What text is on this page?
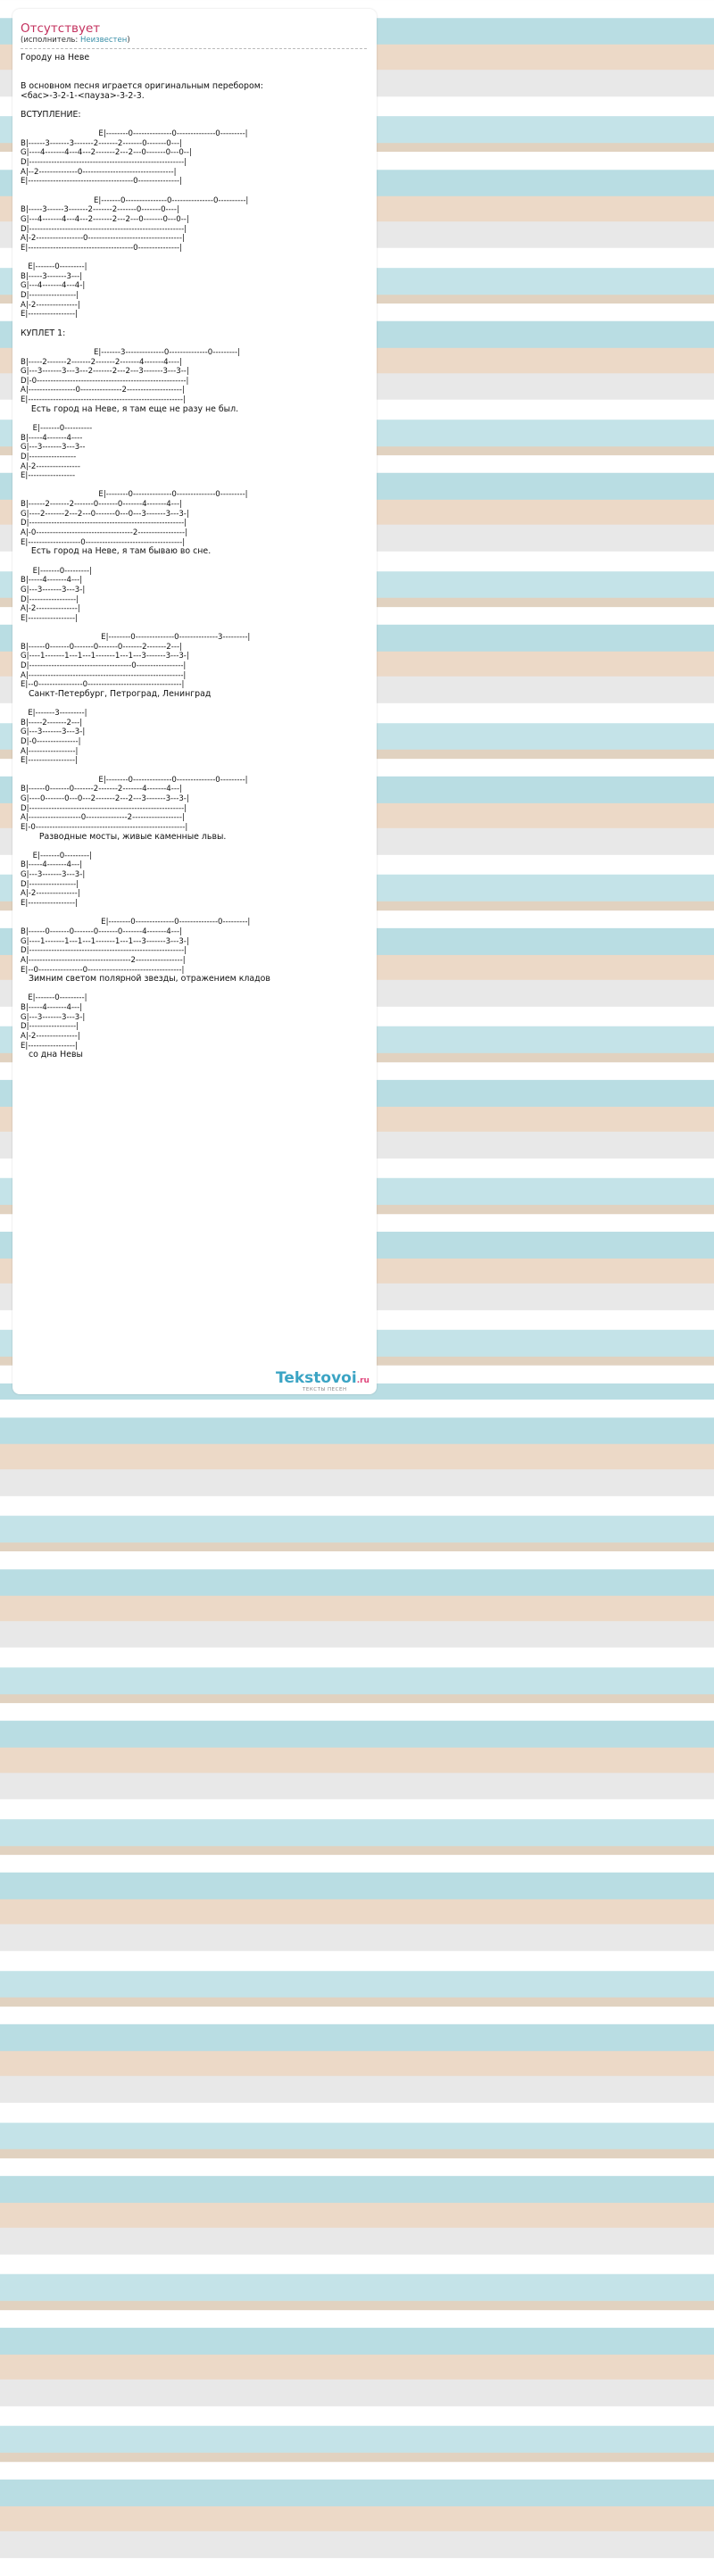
Отсутствует
(исполнитель: Неизвестен)
Городу на Неве
В основном песня играется оригинальным перебором:
<бас>-3-2-1-<пауза>-3-2-3.
ВСТУПЛЕНИЕ:
E|--------0--------------0--------------0---------|
B|------3-------3-------2-------2-------0-------0---|
G|----4-------4---4---2-------2---2---0-------0---0--|
D|--------------------------------------------------------|
A|--2--------------0---------------------------------|
E|--------------------------------------0---------------|
E|-------0---------------0---------------0----------|
B|-----3------3-------2-------2-------0-------0----|
G|---4-------4---4---2-------2---2---0-------0---0--|
D|--------------------------------------------------------|
A|-2-----------------0----------------------------------|
E|--------------------------------------0---------------|
E|-------0---------|
B|-----3-------3---|
G|---4-------4---4-|
D|-----------------|
A|-2---------------|
E|-----------------|
КУПЛЕТ 1:
E|-------3--------------0--------------0---------|
B|-----2-------2-------2-------2-------4-------4----|
G|---3-------3---3---2-------2---2---3-------3---3--|
D|-0------------------------------------------------------|
A|-----------------0---------------2--------------------|
E|--------------------------------------------------------|
Есть город на Неве, я там еще не разу не был.
E|-------0----------
B|-----4-------4----
G|---3-------3---3--
D|-----------------
A|-2----------------
E|-----------------
E|--------0--------------0--------------0---------|
B|------2-------2-------0-------0-------4-------4---|
G|----2-------2---2---0-------0---0---3-------3---3-|
D|--------------------------------------------------------|
A|-0-----------------------------------2-----------------|
E|-------------------0-----------------------------------|
Есть город на Неве, я там бываю во сне.
E|-------0---------|
B|-----4-------4---|
G|---3-------3---3-|
D|-----------------|
A|-2---------------|
E|-----------------|
E|--------0--------------0--------------3---------|
B|------0-------0-------0-------0-------2-------2---|
G|----1-------1---1---1-------1---1---3-------3---3-|
D|-------------------------------------0-----------------|
A|--------------------------------------------------------|
E|--0----------------0----------------------------------|
Санкт-Петербург, Петроград, Ленинград
E|-------3---------|
B|-----2-------2---|
G|---3-------3---3-|
D|-0---------------|
A|-----------------|
E|-----------------|
E|--------0--------------0--------------0---------|
B|------0-------0-------2-------2-------4-------4---|
G|----0-------0---0---2-------2---2---3-------3---3-|
D|--------------------------------------------------------|
A|-------------------0---------------2------------------|
E|-0------------------------------------------------------|
Разводные мосты, живые каменные львы.
E|-------0---------|
B|-----4-------4---|
G|---3-------3---3-|
D|-----------------|
A|-2---------------|
E|-----------------|
E|--------0--------------0--------------0---------|
B|------0-------0-------0-------0-------4-------4---|
G|----1-------1---1---1-------1---1---3-------3---3-|
D|--------------------------------------------------------|
A|-------------------------------------2-----------------|
E|--0----------------0----------------------------------|
Зимним светом полярной звезды, отражением кладов
E|-------0---------|
B|-----4-------4---|
G|---3-------3---3-|
D|-----------------|
A|-2---------------|
E|-----------------|
со дна Невы
Tekstovoi.ru
ТЕКСТЫ ПЕСЕН
